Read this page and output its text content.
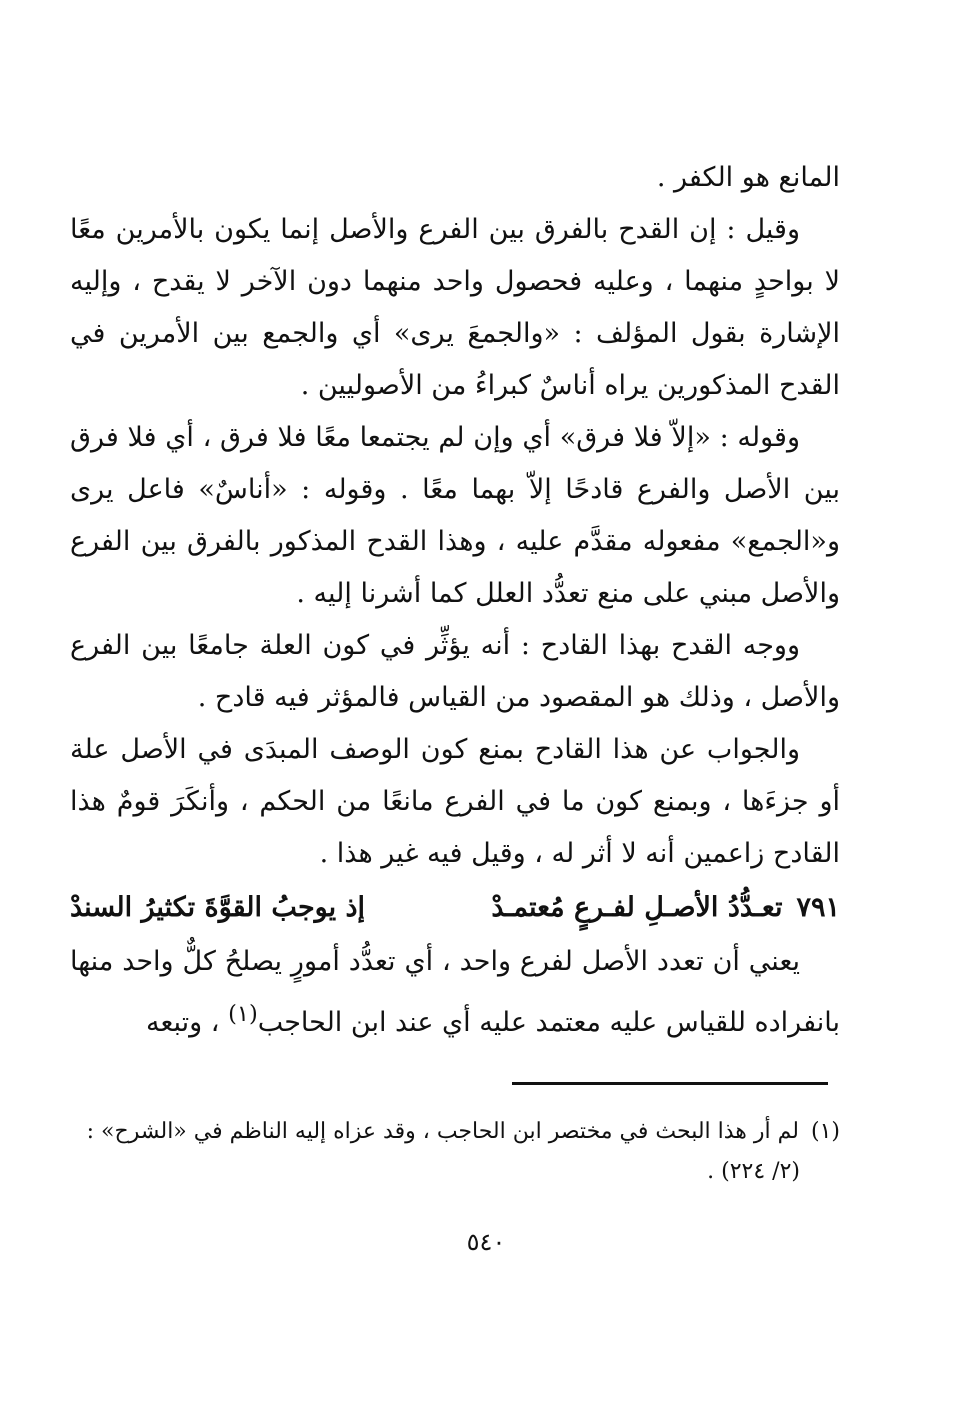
المانع هو الكفر .

وقيل : إن القدح بالفرق بين الفرع والأصل إنما يكون بالأمرين معًا لا بواحدٍ منهما ، وعليه فحصول واحد منهما دون الآخر لا يقدح ، وإليه الإشارة بقول المؤلف : «والجمعَ يرى» أي والجمع بين الأمرين في القدح المذكورين يراه أناسٌ كبراءُ من الأصوليين .

وقوله : «إلاّ فلا فرق» أي وإن لم يجتمعا معًا فلا فرق ، أي فلا فرق بين الأصل والفرع قادحًا إلاّ بهما معًا . وقوله : «أناسٌ» فاعل يرى و«الجمع» مفعوله مقدَّم عليه ، وهذا القدح المذكور بالفرق بين الفرع والأصل مبني على منع تعدُّد العلل كما أشرنا إليه .

ووجه القدح بهذا القادح : أنه يؤثِّر في كون العلة جامعًا بين الفرع والأصل ، وذلك هو المقصود من القياس فالمؤثر فيه قادح .

والجواب عن هذا القادح بمنع كون الوصف المبدَى في الأصل علة أو جزءَها ، وبمنع كون ما في الفرع مانعًا من الحكم ، وأنكَرَ قومٌ هذا القادح زاعمين أنه لا أثر له ، وقيل فيه غير هذا .

٧٩١
تعـدُّدُ الأصـلِ لفـرعٍ مُعتمـدْ
إذ يوجبُ القوَّةَ تكثيرُ السندْ

يعني أن تعدد الأصل لفرع واحد ، أي تعدُّد أمورٍ يصلحُ كلٌّ واحد منها بانفراده للقياس عليه معتمد عليه أي عند ابن الحاجب$^{(١)}$ ، وتبعه

(١)لم أر هذا البحث في مختصر ابن الحاجب ، وقد عزاه إليه الناظم في «الشرح» :
(٢/ ٢٢٤) .
٥٤٠
